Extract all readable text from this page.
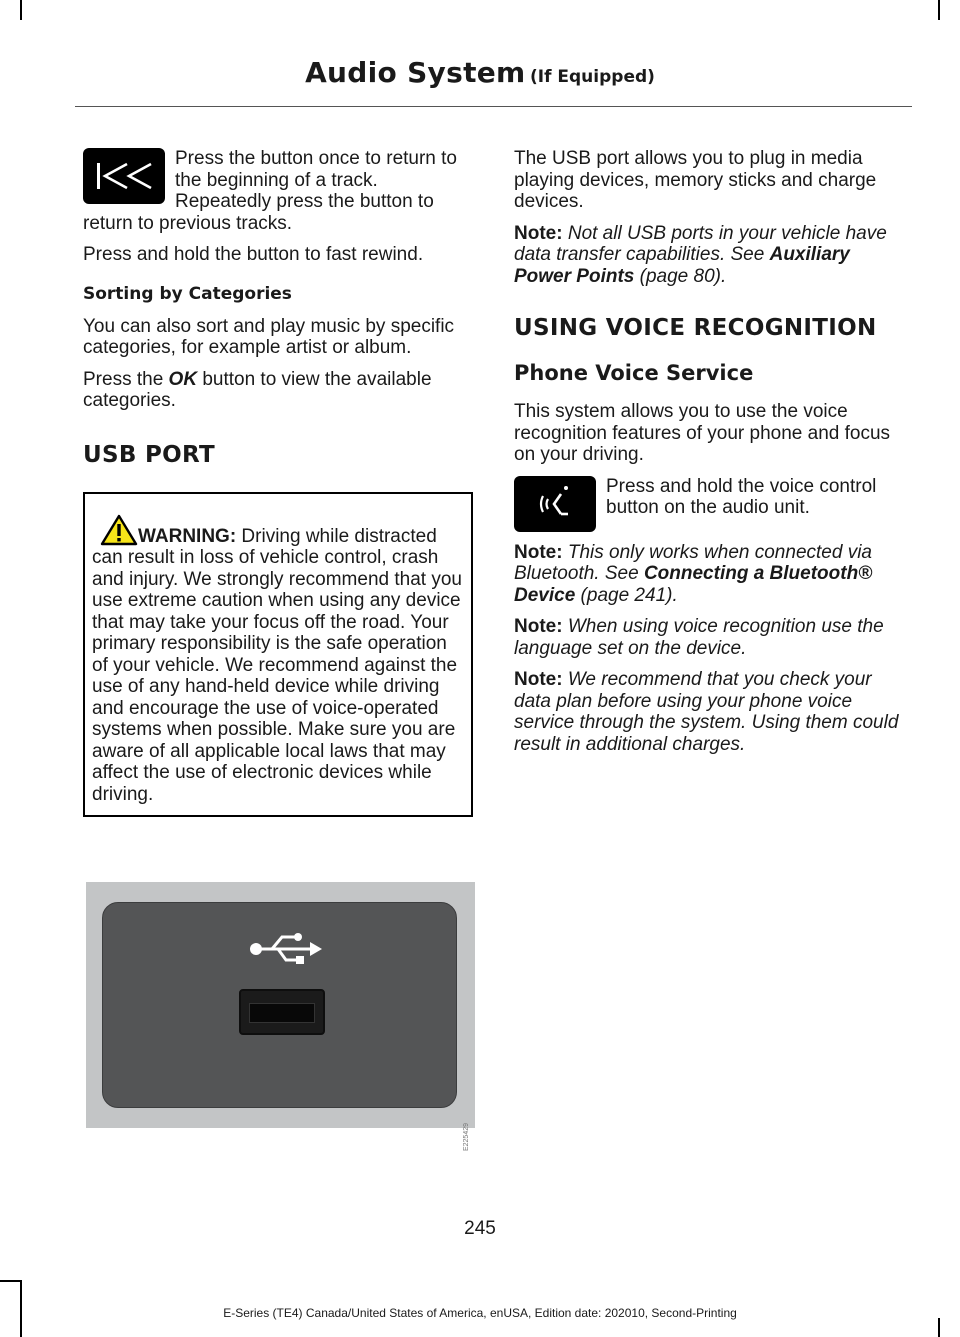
Audio System (If Equipped)

Press the button once to return to the beginning of a track. Repeatedly press the button to return to previous tracks.

Press and hold the button to fast rewind.

Sorting by Categories

You can also sort and play music by specific categories, for example artist or album.

Press the OK button to view the available categories.

USB PORT

WARNING: Driving while distracted can result in loss of vehicle control, crash and injury. We strongly recommend that you use extreme caution when using any device that may take your focus off the road. Your primary responsibility is the safe operation of your vehicle. We recommend against the use of any hand-held device while driving and encourage the use of voice-operated systems when possible. Make sure you are aware of all applicable local laws that may affect the use of electronic devices while driving.

E225429

The USB port allows you to plug in media playing devices, memory sticks and charge devices.

Note: Not all USB ports in your vehicle have data transfer capabilities. See Auxiliary Power Points (page 80).

USING VOICE RECOGNITION
Phone Voice Service

This system allows you to use the voice recognition features of your phone and focus on your driving.

Press and hold the voice control button on the audio unit.

Note: This only works when connected via Bluetooth. See Connecting a Bluetooth® Device (page 241).

Note: When using voice recognition use the language set on the device.

Note: We recommend that you check your data plan before using your phone voice service through the system. Using them could result in additional charges.

245
E-Series (TE4) Canada/United States of America, enUSA, Edition date: 202010, Second-Printing
